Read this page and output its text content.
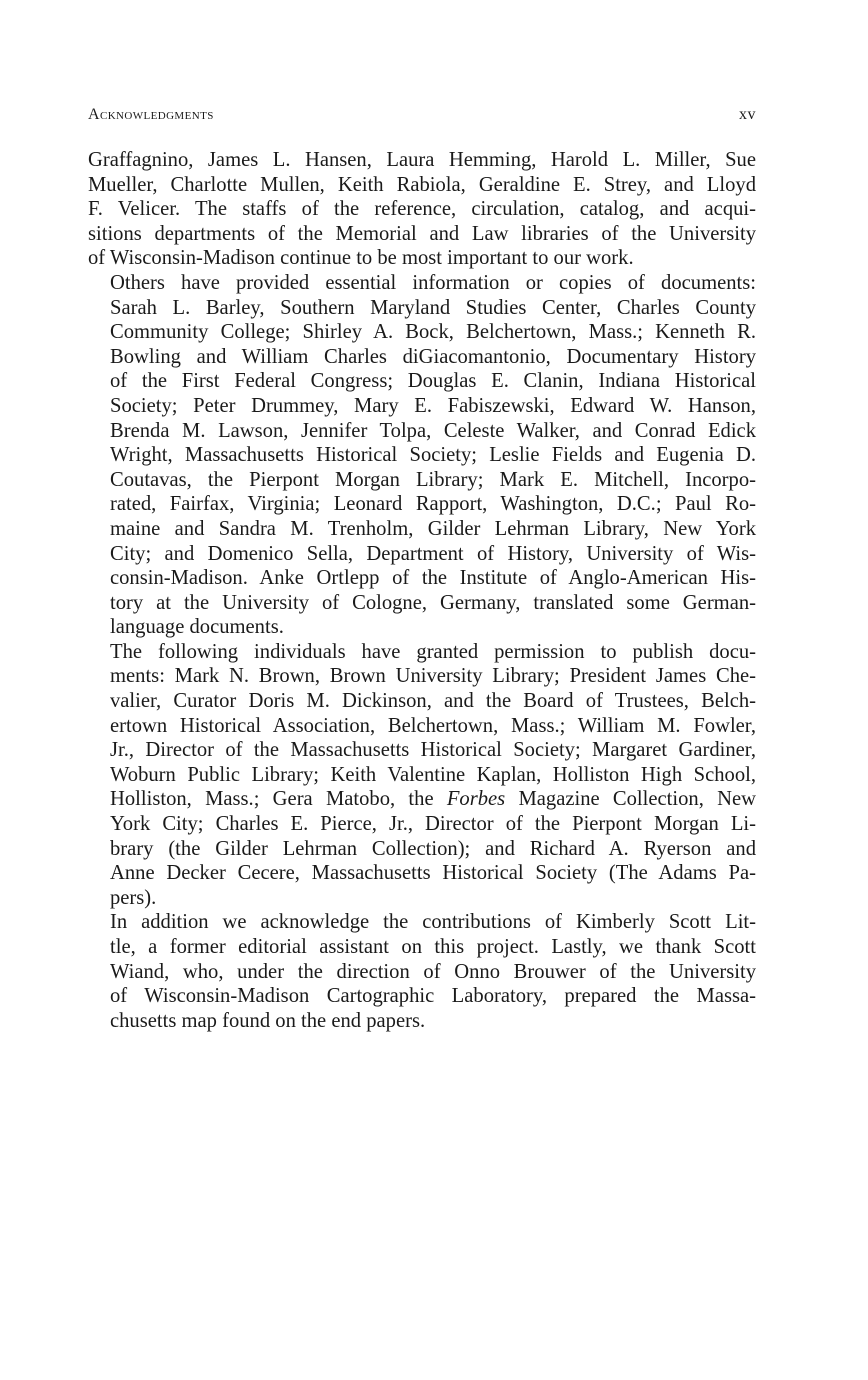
Acknowledgments	xv

Graffagnino, James L. Hansen, Laura Hemming, Harold L. Miller, Sue
Mueller, Charlotte Mullen, Keith Rabiola, Geraldine E. Strey, and Lloyd
F. Velicer. The staffs of the reference, circulation, catalog, and acqui-
sitions departments of the Memorial and Law libraries of the University
of Wisconsin-Madison continue to be most important to our work.

Others have provided essential information or copies of documents:
Sarah L. Barley, Southern Maryland Studies Center, Charles County
Community College; Shirley A. Bock, Belchertown, Mass.; Kenneth R.
Bowling and William Charles diGiacomantonio, Documentary History
of the First Federal Congress; Douglas E. Clanin, Indiana Historical
Society; Peter Drummey, Mary E. Fabiszewski, Edward W. Hanson,
Brenda M. Lawson, Jennifer Tolpa, Celeste Walker, and Conrad Edick
Wright, Massachusetts Historical Society; Leslie Fields and Eugenia D.
Coutavas, the Pierpont Morgan Library; Mark E. Mitchell, Incorpo-
rated, Fairfax, Virginia; Leonard Rapport, Washington, D.C.; Paul Ro-
maine and Sandra M. Trenholm, Gilder Lehrman Library, New York
City; and Domenico Sella, Department of History, University of Wis-
consin-Madison. Anke Ortlepp of the Institute of Anglo-American His-
tory at the University of Cologne, Germany, translated some German-
language documents.

The following individuals have granted permission to publish docu-
ments: Mark N. Brown, Brown University Library; President James Che-
valier, Curator Doris M. Dickinson, and the Board of Trustees, Belch-
ertown Historical Association, Belchertown, Mass.; William M. Fowler,
Jr., Director of the Massachusetts Historical Society; Margaret Gardiner,
Woburn Public Library; Keith Valentine Kaplan, Holliston High School,
Holliston, Mass.; Gera Matobo, the Forbes Magazine Collection, New
York City; Charles E. Pierce, Jr., Director of the Pierpont Morgan Li-
brary (the Gilder Lehrman Collection); and Richard A. Ryerson and
Anne Decker Cecere, Massachusetts Historical Society (The Adams Pa-
pers).

In addition we acknowledge the contributions of Kimberly Scott Lit-
tle, a former editorial assistant on this project. Lastly, we thank Scott
Wiand, who, under the direction of Onno Brouwer of the University
of Wisconsin-Madison Cartographic Laboratory, prepared the Massa-
chusetts map found on the end papers.
